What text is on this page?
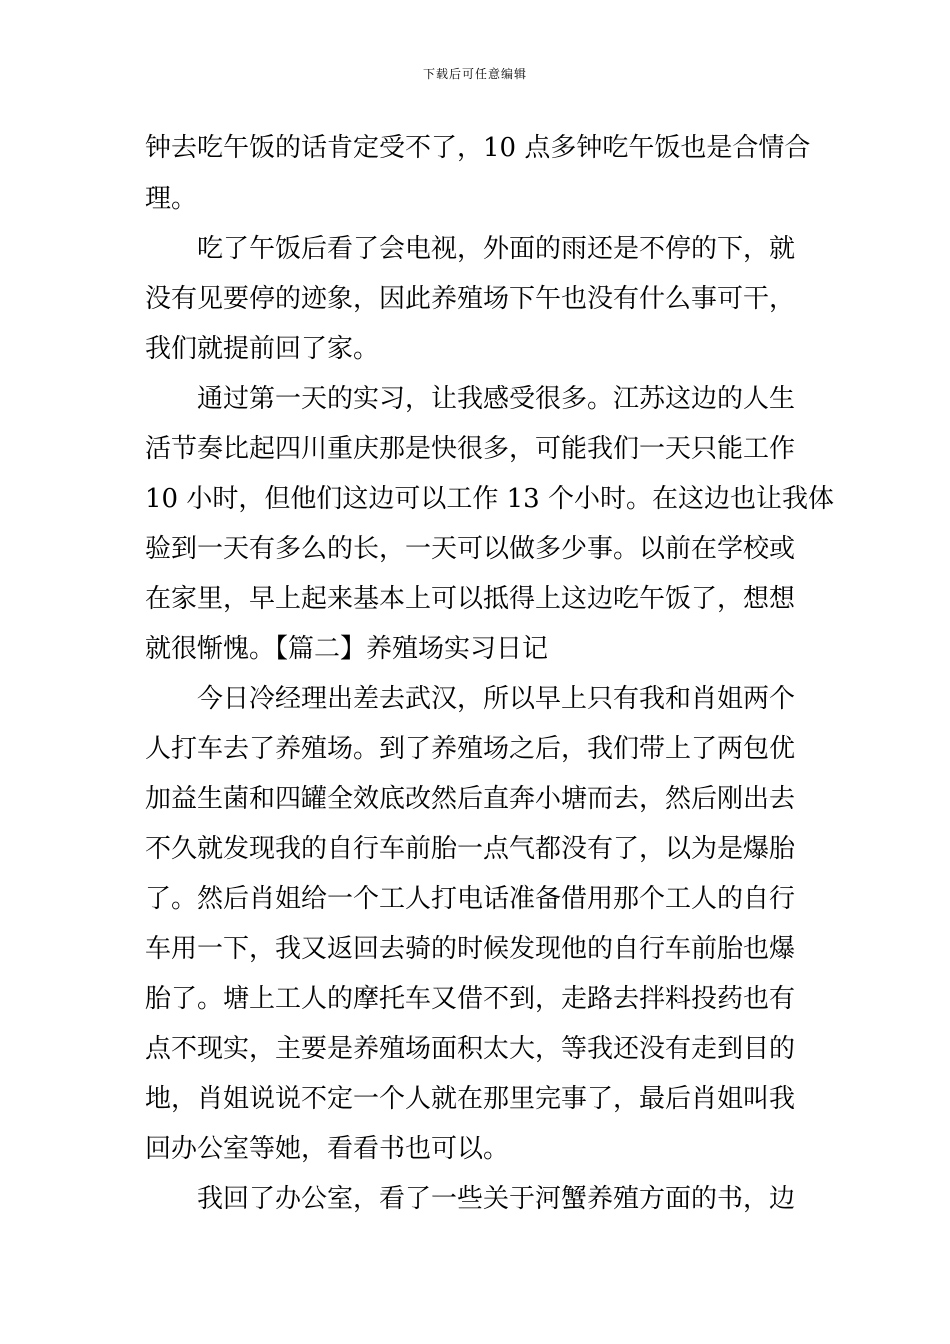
下载后可任意编辑
钟去吃午饭的话肯定受不了，10 点多钟吃午饭也是合情合
理。
　　吃了午饭后看了会电视，外面的雨还是不停的下，就
没有见要停的迹象，因此养殖场下午也没有什么事可干，
我们就提前回了家。
　　通过第一天的实习，让我感受很多。江苏这边的人生
活节奏比起四川重庆那是快很多，可能我们一天只能工作
10 小时，但他们这边可以工作 13 个小时。在这边也让我体
验到一天有多么的长，一天可以做多少事。以前在学校或
在家里，早上起来基本上可以抵得上这边吃午饭了，想想
就很惭愧。【篇二】养殖场实习日记
　　今日冷经理出差去武汉，所以早上只有我和肖姐两个
人打车去了养殖场。到了养殖场之后，我们带上了两包优
加益生菌和四罐全效底改然后直奔小塘而去，然后刚出去
不久就发现我的自行车前胎一点气都没有了，以为是爆胎
了。然后肖姐给一个工人打电话准备借用那个工人的自行
车用一下，我又返回去骑的时候发现他的自行车前胎也爆
胎了。塘上工人的摩托车又借不到，走路去拌料投药也有
点不现实，主要是养殖场面积太大，等我还没有走到目的
地，肖姐说说不定一个人就在那里完事了，最后肖姐叫我
回办公室等她，看看书也可以。
　　我回了办公室，看了一些关于河蟹养殖方面的书，边
